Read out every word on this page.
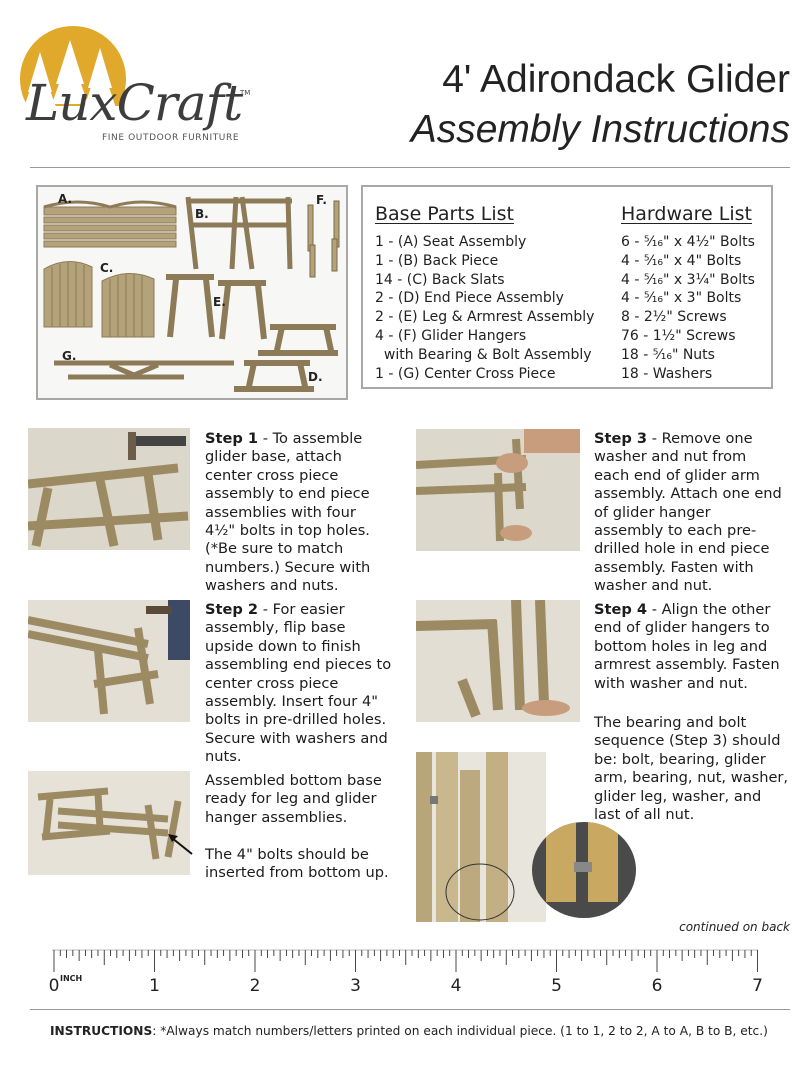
LuxCraft
TM
FINE OUTDOOR FURNITURE
4' Adirondack Glider
Assembly Instructions
A.
B.
C.
D.
E.
F.
G.
Base Parts List
1 - (A) Seat Assembly
1 - (B) Back Piece
14 - (C) Back Slats
2 - (D) End Piece Assembly
2 - (E) Leg & Armrest Assembly
4 - (F) Glider Hangers
with Bearing & Bolt Assembly
1 - (G) Center Cross Piece
Hardware List
6 - ⁵⁄₁₆" x 4½" Bolts
4 - ⁵⁄₁₆" x 4" Bolts
4 - ⁵⁄₁₆" x 3¼" Bolts
4 - ⁵⁄₁₆" x 3" Bolts
8 - 2½" Screws
76 - 1½" Screws
18 - ⁵⁄₁₆" Nuts
18 - Washers
Step 1 - To assemble glider base, attach center cross piece assembly to end piece assemblies with four 4½" bolts in top holes. (*Be sure to match numbers.) Secure with washers and nuts.
Step 2 - For easier assembly, flip base upside down to finish assembling end pieces to center cross piece assembly. Insert four 4" bolts in pre-drilled holes. Secure with washers and nuts.
Assembled bottom base ready for leg and glider hanger assemblies.
The 4" bolts should be inserted from bottom up.
Step 3 - Remove one washer and nut from each end of glider arm assembly. Attach one end of glider hanger assembly to each pre-drilled hole in end piece assembly. Fasten with washer and nut.
Step 4 - Align the other end of glider hangers to bottom holes in leg and armrest assembly. Fasten with washer and nut.
The bearing and bolt sequence (Step 3) should be: bolt, bearing, glider arm, bearing, nut, washer, glider leg, washer, and last of all nut.
continued on back
INCH
0	1	2	3	4	5	6	7
INSTRUCTIONS: *Always match numbers/letters printed on each individual piece. (1 to 1, 2 to 2, A to A, B to B, etc.)
